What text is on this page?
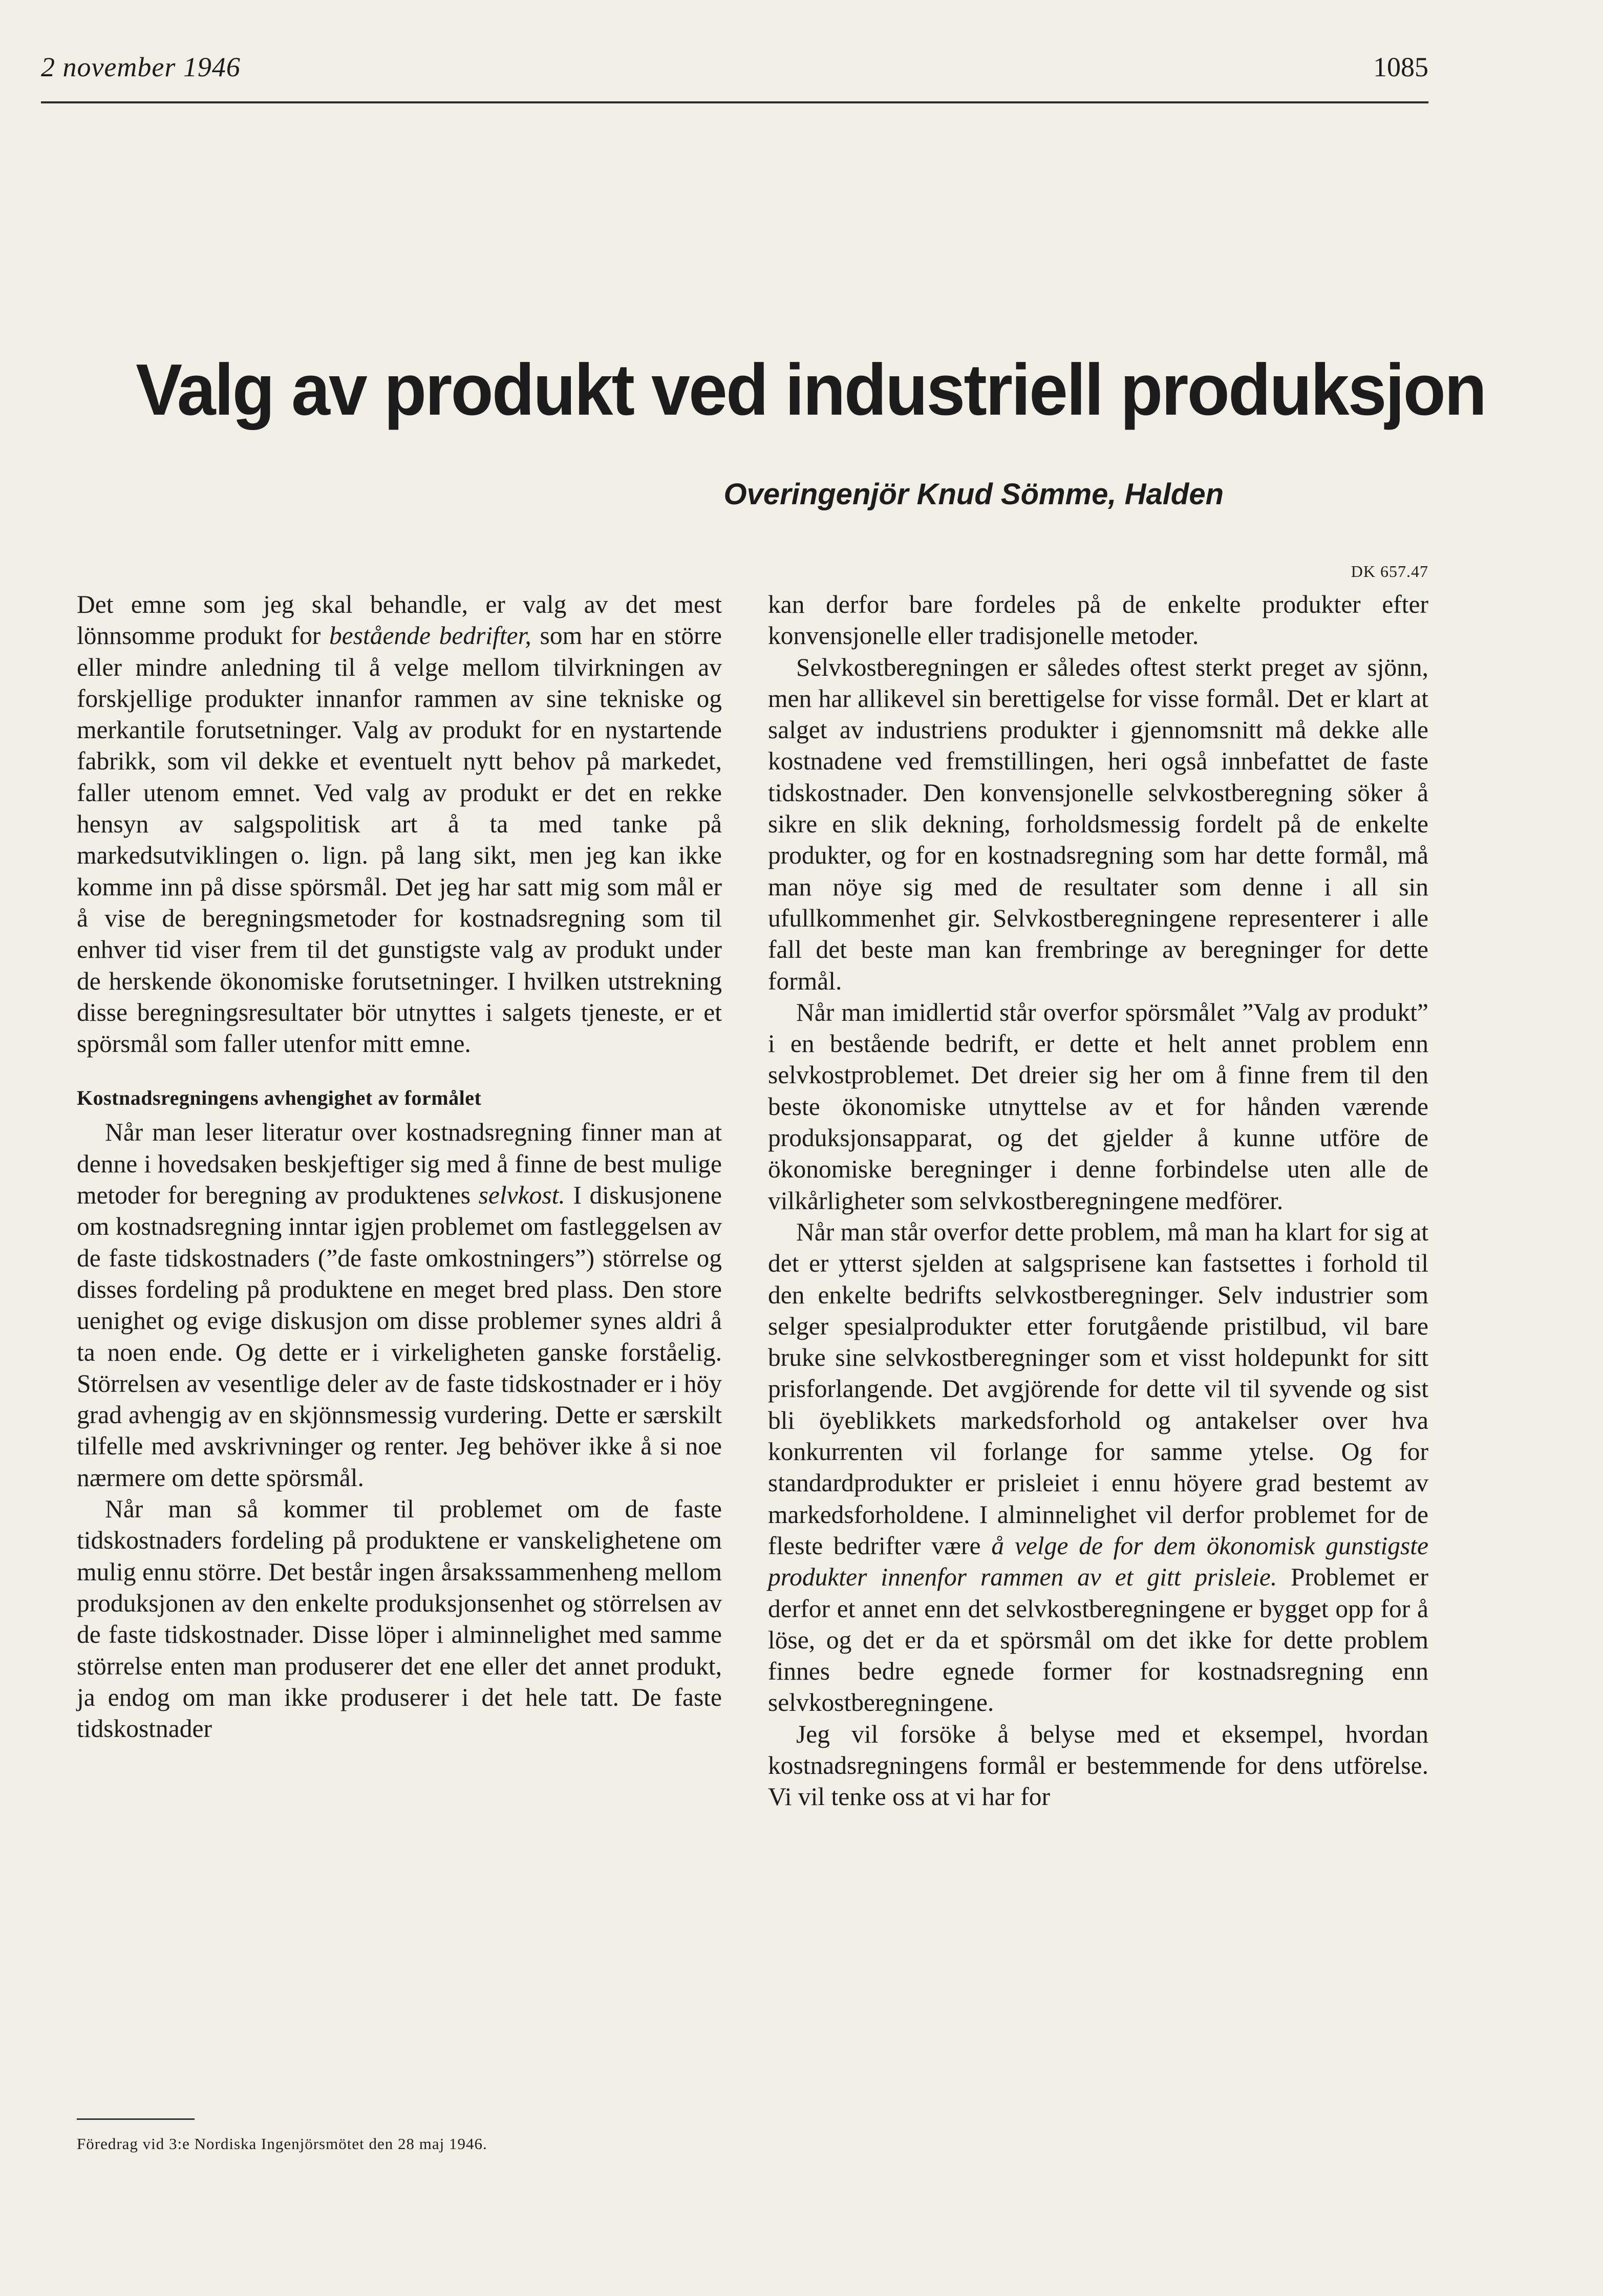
2 november 1946	1085
Valg av produkt ved industriell produksjon
Overingenjör Knud Sömme, Halden
DK 657.47

Det emne som jeg skal behandle, er valg av det mest lönnsomme produkt for bestående bedrifter, som har en större eller mindre anledning til å velge mellom tilvirkningen av forskjellige produkter innanfor rammen av sine tekniske og merkantile forutsetninger. Valg av produkt for en nystartende fabrikk, som vil dekke et eventuelt nytt behov på markedet, faller utenom emnet. Ved valg av produkt er det en rekke hensyn av salgspolitisk art å ta med tanke på markedsutviklingen o. lign. på lang sikt, men jeg kan ikke komme inn på disse spörsmål. Det jeg har satt mig som mål er å vise de beregningsmetoder for kostnadsregning som til enhver tid viser frem til det gunstigste valg av produkt under de herskende ökonomiske forutsetninger. I hvilken utstrekning disse beregningsresultater bör utnyttes i salgets tjeneste, er et spörsmål som faller utenfor mitt emne.

Kostnadsregningens avhengighet av formålet

Når man leser literatur over kostnadsregning finner man at denne i hovedsaken beskjeftiger sig med å finne de best mulige metoder for beregning av produktenes selvkost. I diskusjonene om kostnadsregning inntar igjen problemet om fastleggelsen av de faste tidskostnaders (”de faste omkostningers”) störrelse og disses fordeling på produktene en meget bred plass. Den store uenighet og evige diskusjon om disse problemer synes aldri å ta noen ende. Og dette er i virkeligheten ganske forståelig. Störrelsen av vesentlige deler av de faste tidskostnader er i höy grad avhengig av en skjönnsmessig vurdering. Dette er særskilt tilfelle med avskrivninger og renter. Jeg behöver ikke å si noe nærmere om dette spörsmål.

Når man så kommer til problemet om de faste tidskostnaders fordeling på produktene er vanskelighetene om mulig ennu större. Det består ingen årsakssammenheng mellom produksjonen av den enkelte produksjonsenhet og störrelsen av de faste tidskostnader. Disse löper i alminnelighet med samme störrelse enten man produserer det ene eller det annet produkt, ja endog om man ikke produserer i det hele tatt. De faste tidskostnader

kan derfor bare fordeles på de enkelte produkter efter konvensjonelle eller tradisjonelle metoder.

Selvkostberegningen er således oftest sterkt preget av sjönn, men har allikevel sin berettigelse for visse formål. Det er klart at salget av industriens produkter i gjennomsnitt må dekke alle kostnadene ved fremstillingen, heri også innbefattet de faste tidskostnader. Den konvensjonelle selvkostberegning söker å sikre en slik dekning, forholdsmessig fordelt på de enkelte produkter, og for en kostnadsregning som har dette formål, må man nöye sig med de resultater som denne i all sin ufullkommenhet gir. Selvkostberegningene representerer i alle fall det beste man kan frembringe av beregninger for dette formål.

Når man imidlertid står overfor spörsmålet ”Valg av produkt” i en bestående bedrift, er dette et helt annet problem enn selvkostproblemet. Det dreier sig her om å finne frem til den beste ökonomiske utnyttelse av et for hånden værende produksjonsapparat, og det gjelder å kunne utföre de ökonomiske beregninger i denne forbindelse uten alle de vilkårligheter som selvkostberegningene medförer.

Når man står overfor dette problem, må man ha klart for sig at det er ytterst sjelden at salgsprisene kan fastsettes i forhold til den enkelte bedrifts selvkostberegninger. Selv industrier som selger spesialprodukter etter forutgående pristilbud, vil bare bruke sine selvkostberegninger som et visst holdepunkt for sitt prisforlangende. Det avgjörende for dette vil til syvende og sist bli öyeblikkets markedsforhold og antakelser over hva konkurrenten vil forlange for samme ytelse. Og for standardprodukter er prisleiet i ennu höyere grad bestemt av markedsforholdene. I alminnelighet vil derfor problemet for de fleste bedrifter være å velge de for dem ökonomisk gunstigste produkter innenfor rammen av et gitt prisleie. Problemet er derfor et annet enn det selvkostberegningene er bygget opp for å löse, og det er da et spörsmål om det ikke for dette problem finnes bedre egnede former for kostnadsregning enn selvkostberegningene.

Jeg vil forsöke å belyse med et eksempel, hvordan kostnadsregningens formål er bestemmende for dens utförelse. Vi vil tenke oss at vi har for

Föredrag vid 3:e Nordiska Ingenjörsmötet den 28 maj 1946.
